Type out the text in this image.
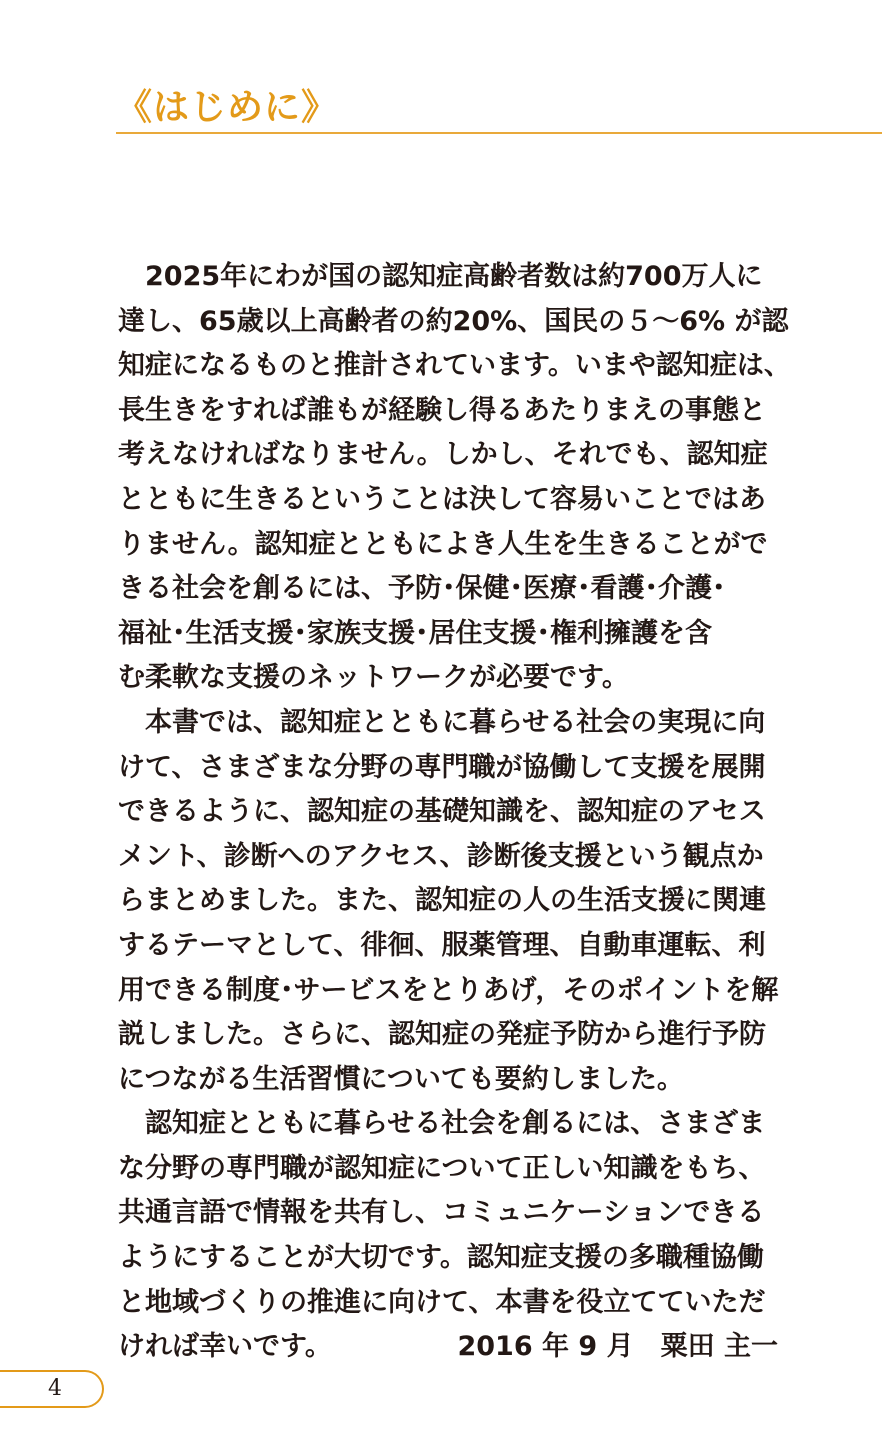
《はじめに》
　2025年にわが国の認知症高齢者数は約700万人に
達し、65歳以上高齢者の約20%、国民の５～6% が認
知症になるものと推計されています。いまや認知症は、
長生きをすれば誰もが経験し得るあたりまえの事態と
考えなければなりません。しかし、それでも、認知症
とともに生きるということは決して容易いことではあ
りません。認知症とともによき人生を生きることがで
きる社会を創るには、予防･保健･医療･看護･介護･
福祉･生活支援･家族支援･居住支援･権利擁護を含
む柔軟な支援のネットワークが必要です。
　本書では、認知症とともに暮らせる社会の実現に向
けて、さまざまな分野の専門職が協働して支援を展開
できるように、認知症の基礎知識を、認知症のアセス
メント、診断へのアクセス、診断後支援という観点か
らまとめました。また、認知症の人の生活支援に関連
するテーマとして、徘徊、服薬管理、自動車運転、利
用できる制度･サービスをとりあげ，そのポイントを解
説しました。さらに、認知症の発症予防から進行予防
につながる生活習慣についても要約しました。
　認知症とともに暮らせる社会を創るには、さまざま
な分野の専門職が認知症について正しい知識をもち、
共通言語で情報を共有し、コミュニケーションできる
ようにすることが大切です。認知症支援の多職種協働
と地域づくりの推進に向けて、本書を役立てていただ
ければ幸いです。	2016 年 9 月　粟田 主一
4
